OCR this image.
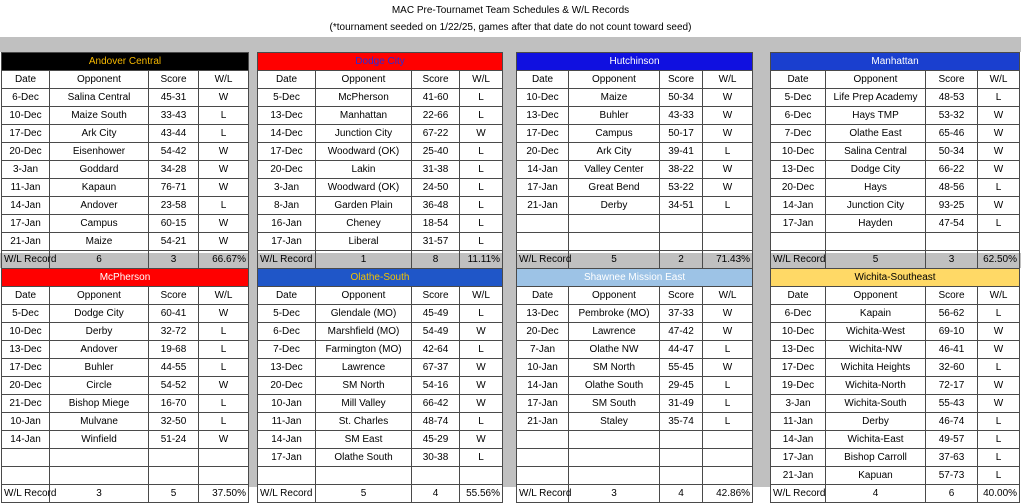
MAC Pre-Tournamet Team Schedules & W/L Records
(*tournament seeded on 1/22/25, games after that date do not count toward seed)
Andover Central			
Date	Opponent	Score	W/L
6-Dec	Salina Central	45-31	W
10-Dec	Maize South	33-43	L
17-Dec	Ark City	43-44	L
20-Dec	Eisenhower	54-42	W
3-Jan	Goddard	34-28	W
11-Jan	Kapaun	76-71	W
14-Jan	Andover	23-58	L
17-Jan	Campus	60-15	W
21-Jan	Maize	54-21	W
W/L Record	6	3	66.67%
Dodge City			
Date	Opponent	Score	W/L
5-Dec	McPherson	41-60	L
13-Dec	Manhattan	22-66	L
14-Dec	Junction City	67-22	W
17-Dec	Woodward (OK)	25-40	L
20-Dec	Lakin	31-38	L
3-Jan	Woodward (OK)	24-50	L
8-Jan	Garden Plain	36-48	L
16-Jan	Cheney	18-54	L
17-Jan	Liberal	31-57	L
W/L Record	1	8	11.11%
Hutchinson			
Date	Opponent	Score	W/L
10-Dec	Maize	50-34	W
13-Dec	Buhler	43-33	W
17-Dec	Campus	50-17	W
20-Dec	Ark City	39-41	L
14-Jan	Valley Center	38-22	W
17-Jan	Great Bend	53-22	W
21-Jan	Derby	34-51	L

W/L Record	5	2	71.43%
Manhattan			
Date	Opponent	Score	W/L
5-Dec	Life Prep Academy	48-53	L
6-Dec	Hays TMP	53-32	W
7-Dec	Olathe East	65-46	W
10-Dec	Salina Central	50-34	W
13-Dec	Dodge City	66-22	W
20-Dec	Hays	48-56	L
14-Jan	Junction City	93-25	W
17-Jan	Hayden	47-54	L

W/L Record	5	3	62.50%
McPherson			
Date	Opponent	Score	W/L
5-Dec	Dodge City	60-41	W
10-Dec	Derby	32-72	L
13-Dec	Andover	19-68	L
17-Dec	Buhler	44-55	L
20-Dec	Circle	54-52	W
21-Dec	Bishop Miege	16-70	L
10-Jan	Mulvane	32-50	L
14-Jan	Winfield	51-24	W

W/L Record	3	5	37.50%
Olathe-South			
Date	Opponent	Score	W/L
5-Dec	Glendale (MO)	45-49	L
6-Dec	Marshfield (MO)	54-49	W
7-Dec	Farmington (MO)	42-64	L
13-Dec	Lawrence	67-37	W
20-Dec	SM North	54-16	W
10-Jan	Mill Valley	66-42	W
11-Jan	St. Charles	48-74	L
14-Jan	SM East	45-29	W
17-Jan	Olathe South	30-38	L

W/L Record	5	4	55.56%
Shawnee Mission East			
Date	Opponent	Score	W/L
13-Dec	Pembroke (MO)	37-33	W
20-Dec	Lawrence	47-42	W
7-Jan	Olathe NW	44-47	L
10-Jan	SM North	55-45	W
14-Jan	Olathe South	29-45	L
17-Jan	SM South	31-49	L
21-Jan	Staley	35-74	L

W/L Record	3	4	42.86%
Wichita-Southeast			
Date	Opponent	Score	W/L
6-Dec	Kapain	56-62	L
10-Dec	Wichita-West	69-10	W
13-Dec	Wichita-NW	46-41	W
17-Dec	Wichita Heights	32-60	L
19-Dec	Wichita-North	72-17	W
3-Jan	Wichita-South	55-43	W
11-Jan	Derby	46-74	L
14-Jan	Wichita-East	49-57	L
17-Jan	Bishop Carroll	37-63	L
21-Jan	Kapuan	57-73	L
W/L Record	4	6	40.00%
